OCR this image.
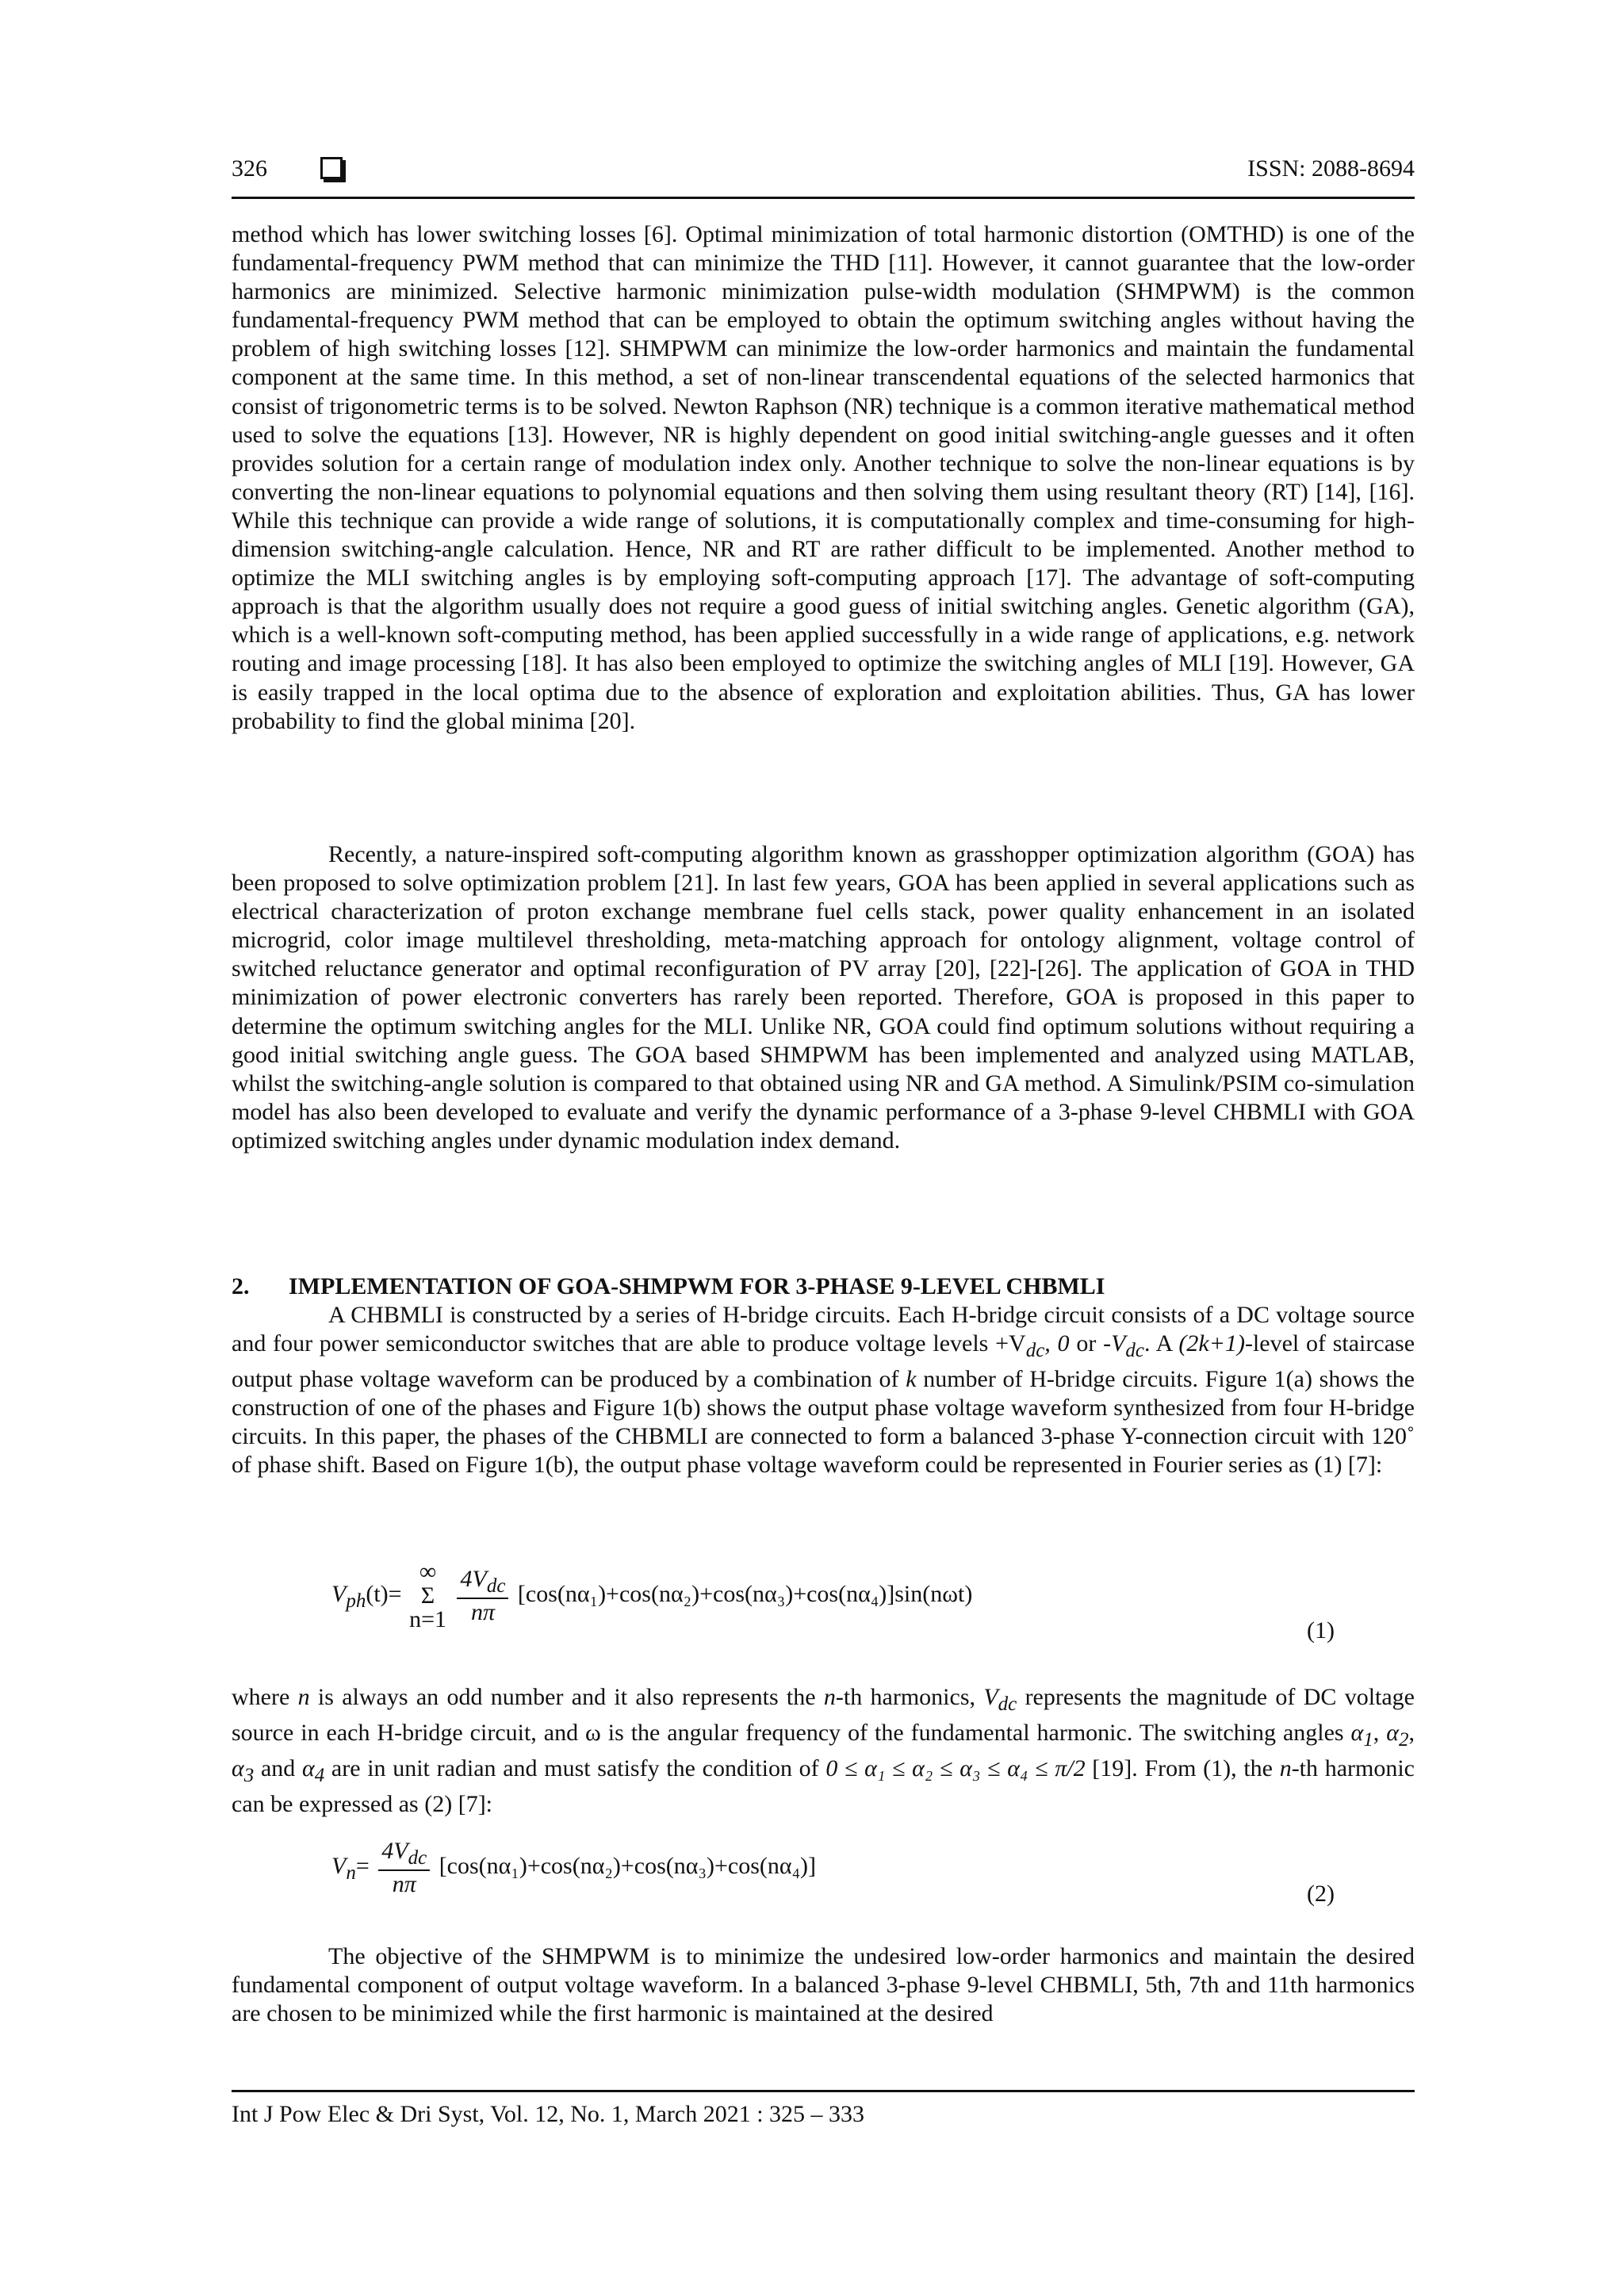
326	ISSN: 2088-8694

method which has lower switching losses [6]. Optimal minimization of total harmonic distortion (OMTHD) is one of the fundamental-frequency PWM method that can minimize the THD [11]. However, it cannot guarantee that the low-order harmonics are minimized. Selective harmonic minimization pulse-width modulation (SHMPWM) is the common fundamental-frequency PWM method that can be employed to obtain the optimum switching angles without having the problem of high switching losses [12]. SHMPWM can minimize the low-order harmonics and maintain the fundamental component at the same time. In this method, a set of non-linear transcendental equations of the selected harmonics that consist of trigonometric terms is to be solved. Newton Raphson (NR) technique is a common iterative mathematical method used to solve the equations [13]. However, NR is highly dependent on good initial switching-angle guesses and it often provides solution for a certain range of modulation index only. Another technique to solve the non-linear equations is by converting the non-linear equations to polynomial equations and then solving them using resultant theory (RT) [14], [16]. While this technique can provide a wide range of solutions, it is computationally complex and time-consuming for high-dimension switching-angle calculation. Hence, NR and RT are rather difficult to be implemented. Another method to optimize the MLI switching angles is by employing soft-computing approach [17]. The advantage of soft-computing approach is that the algorithm usually does not require a good guess of initial switching angles. Genetic algorithm (GA), which is a well-known soft-computing method, has been applied successfully in a wide range of applications, e.g. network routing and image processing [18]. It has also been employed to optimize the switching angles of MLI [19]. However, GA is easily trapped in the local optima due to the absence of exploration and exploitation abilities. Thus, GA has lower probability to find the global minima [20].

Recently, a nature-inspired soft-computing algorithm known as grasshopper optimization algorithm (GOA) has been proposed to solve optimization problem [21]. In last few years, GOA has been applied in several applications such as electrical characterization of proton exchange membrane fuel cells stack, power quality enhancement in an isolated microgrid, color image multilevel thresholding, meta-matching approach for ontology alignment, voltage control of switched reluctance generator and optimal reconfiguration of PV array [20], [22]-[26]. The application of GOA in THD minimization of power electronic converters has rarely been reported. Therefore, GOA is proposed in this paper to determine the optimum switching angles for the MLI. Unlike NR, GOA could find optimum solutions without requiring a good initial switching angle guess. The GOA based SHMPWM has been implemented and analyzed using MATLAB, whilst the switching-angle solution is compared to that obtained using NR and GA method. A Simulink/PSIM co-simulation model has also been developed to evaluate and verify the dynamic performance of a 3-phase 9-level CHBMLI with GOA optimized switching angles under dynamic modulation index demand.

2. IMPLEMENTATION OF GOA-SHMPWM FOR 3-PHASE 9-LEVEL CHBMLI

A CHBMLI is constructed by a series of H-bridge circuits. Each H-bridge circuit consists of a DC voltage source and four power semiconductor switches that are able to produce voltage levels $+V_{dc}$, 0 or $-V_{dc}$. A (2k+1)-level of staircase output phase voltage waveform can be produced by a combination of k number of H-bridge circuits. Figure 1(a) shows the construction of one of the phases and Figure 1(b) shows the output phase voltage waveform synthesized from four H-bridge circuits. In this paper, the phases of the CHBMLI are connected to form a balanced 3-phase Y-connection circuit with 120˚ of phase shift. Based on Figure 1(b), the output phase voltage waveform could be represented in Fourier series as (1) [7]:

$V_{ph}(t)=$
∞
Σ
n=1
$\frac{4V_{dc}}{n\pi} [\cos(n\alpha_1)+\cos(n\alpha_2)+\cos(n\alpha_3)+\cos(n\alpha_4)]\sin(n\omega t)$
(1)

where n is always an odd number and it also represents the n-th harmonics, $V_{dc}$ represents the magnitude of DC voltage source in each H-bridge circuit, and ω is the angular frequency of the fundamental harmonic. The switching angles $\alpha_1$, $\alpha_2$, $\alpha_3$ and $\alpha_4$ are in unit radian and must satisfy the condition of 0 ≤ α₁ ≤ α₂ ≤ α₃ ≤ α₄ ≤ π/2 [19]. From (1), the n-th harmonic can be expressed as (2) [7]:

$V_n= \frac{4V_{dc}}{n\pi} [\cos(n\alpha_1)+\cos(n\alpha_2)+\cos(n\alpha_3)+\cos(n\alpha_4)]$
(2)

The objective of the SHMPWM is to minimize the undesired low-order harmonics and maintain the desired fundamental component of output voltage waveform. In a balanced 3-phase 9-level CHBMLI, 5th, 7th and 11th harmonics are chosen to be minimized while the first harmonic is maintained at the desired

Int J Pow Elec & Dri Syst, Vol. 12, No. 1, March 2021 : 325 – 333
